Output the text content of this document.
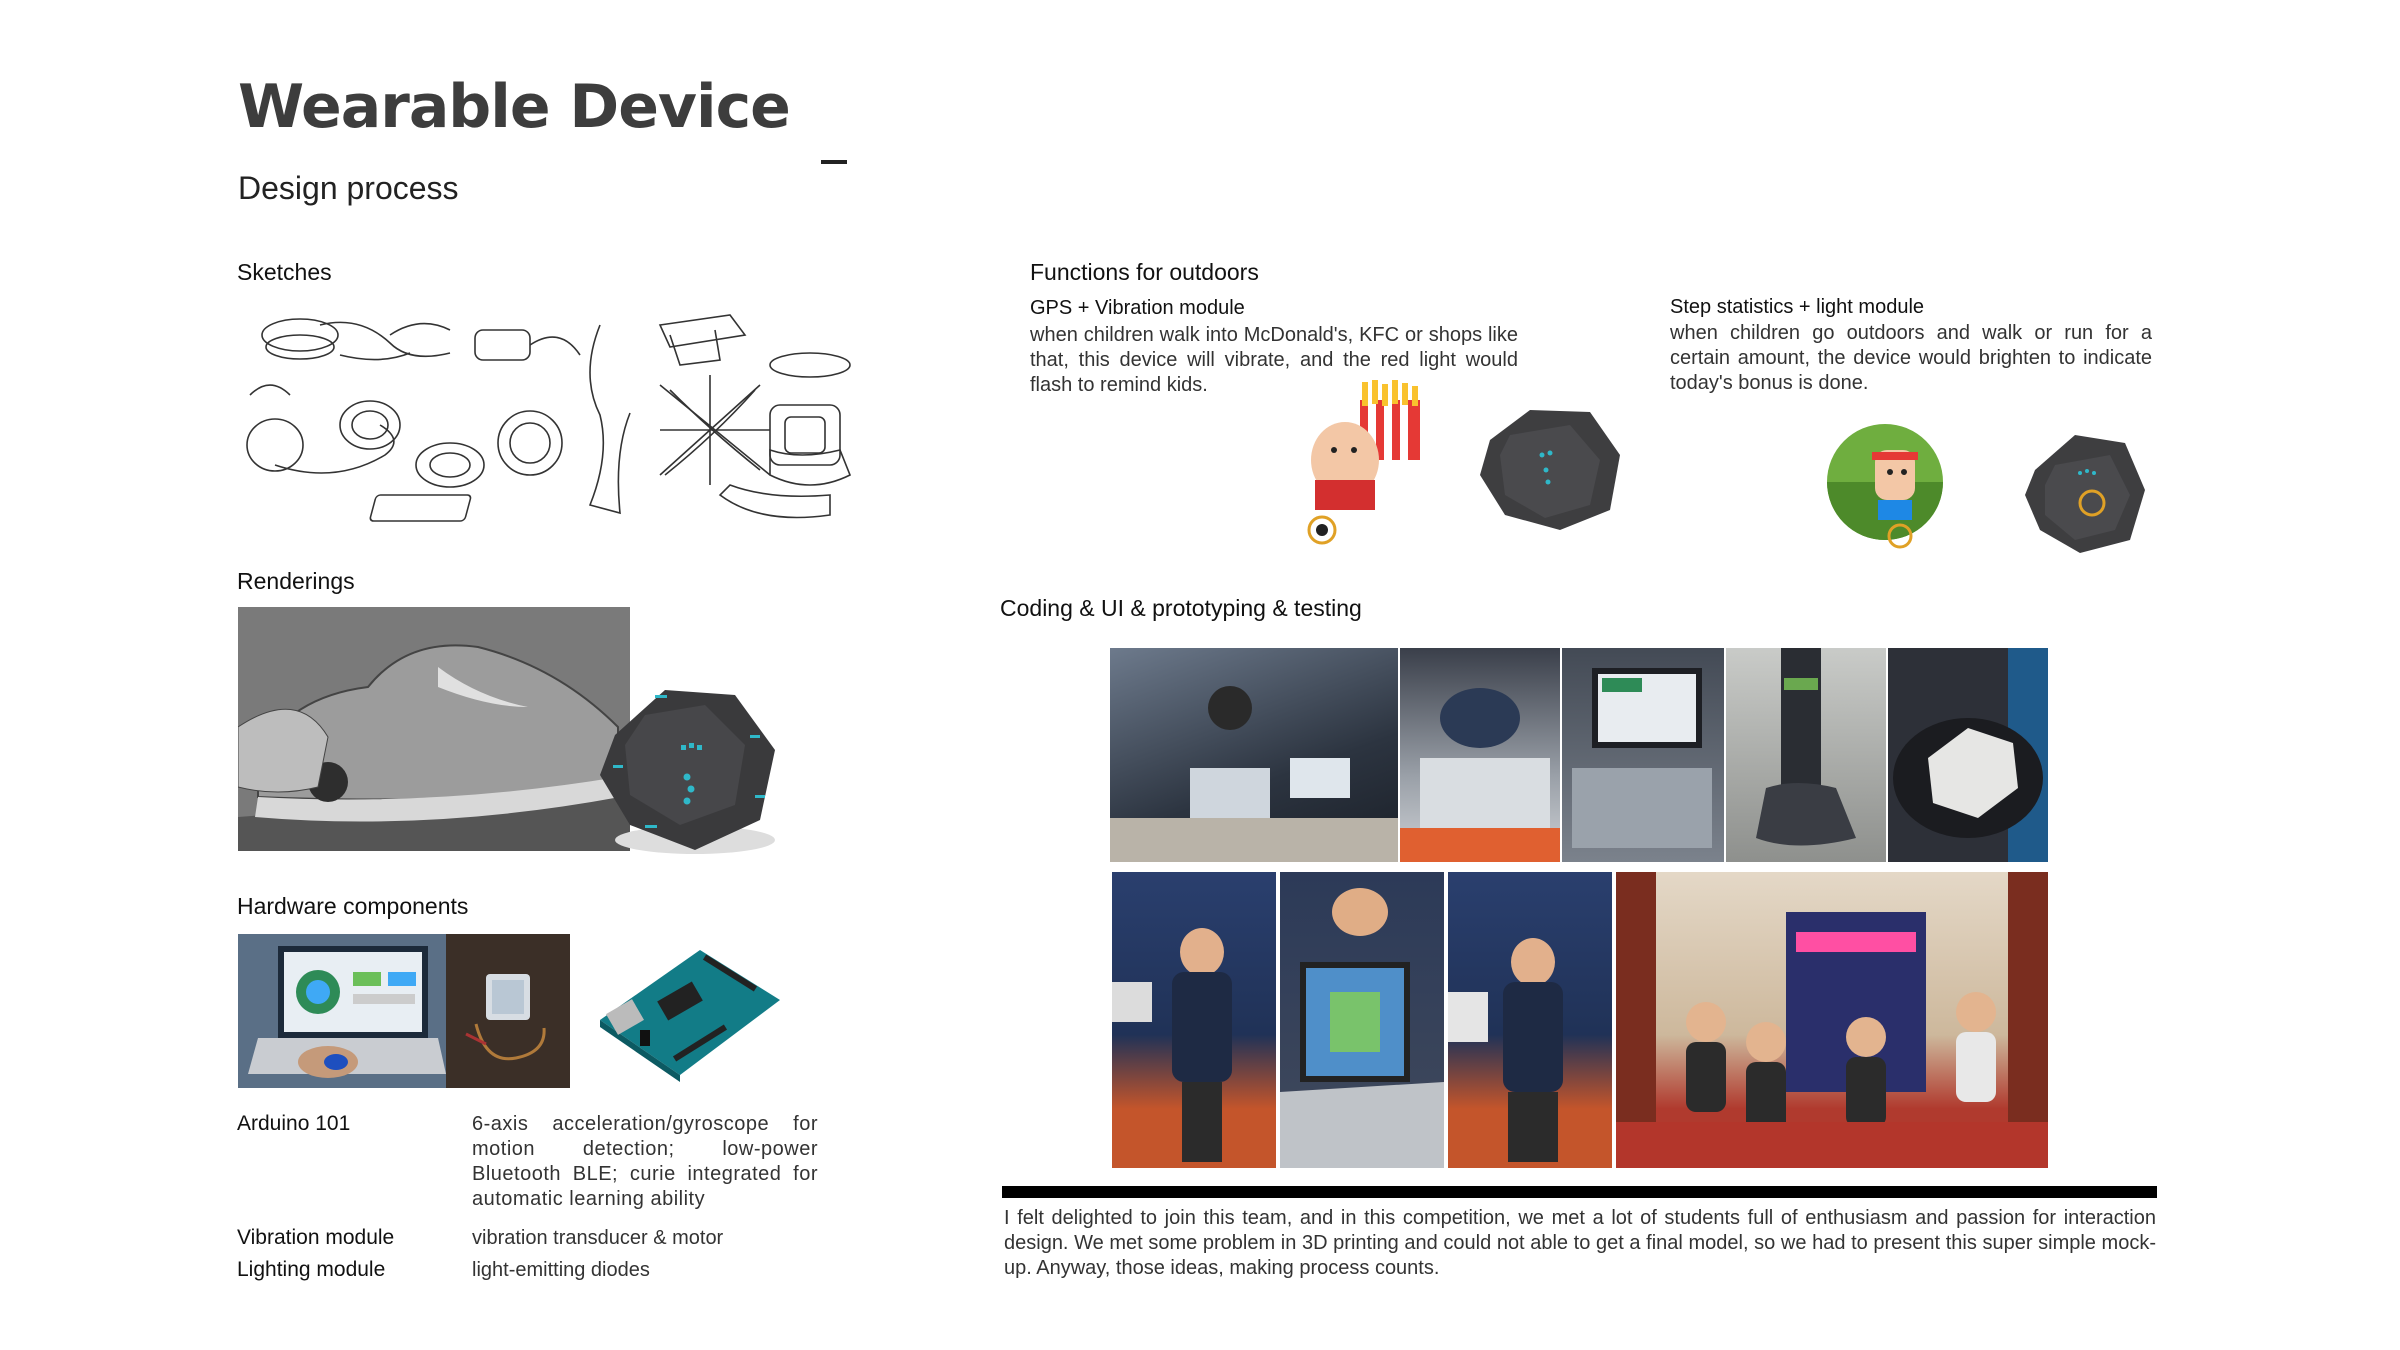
Wearable Device
Design process
Sketches
Renderings
Hardware components
Arduino 101	6-axis acceleration/gyroscope for motion detection; low-power Bluetooth BLE; curie integrated for automatic learning ability
Vibration module	vibration transducer & motor
Lighting module	light-emitting diodes
Functions for outdoors
GPS + Vibration module
when children walk into McDonald's, KFC or shops like that, this device will vibrate, and the red light would flash to remind kids.
Step statistics + light module
when children go outdoors and walk or run for a certain amount, the device would brighten to indicate today's bonus is done.
Coding & UI & prototyping & testing
I felt delighted to join this team, and in this competition, we met a lot of students full of enthusiasm and passion for interaction design. We met some problem in 3D printing and could not able to get a final model, so we had to present this super simple mock-up. Anyway, those ideas, making process counts.
